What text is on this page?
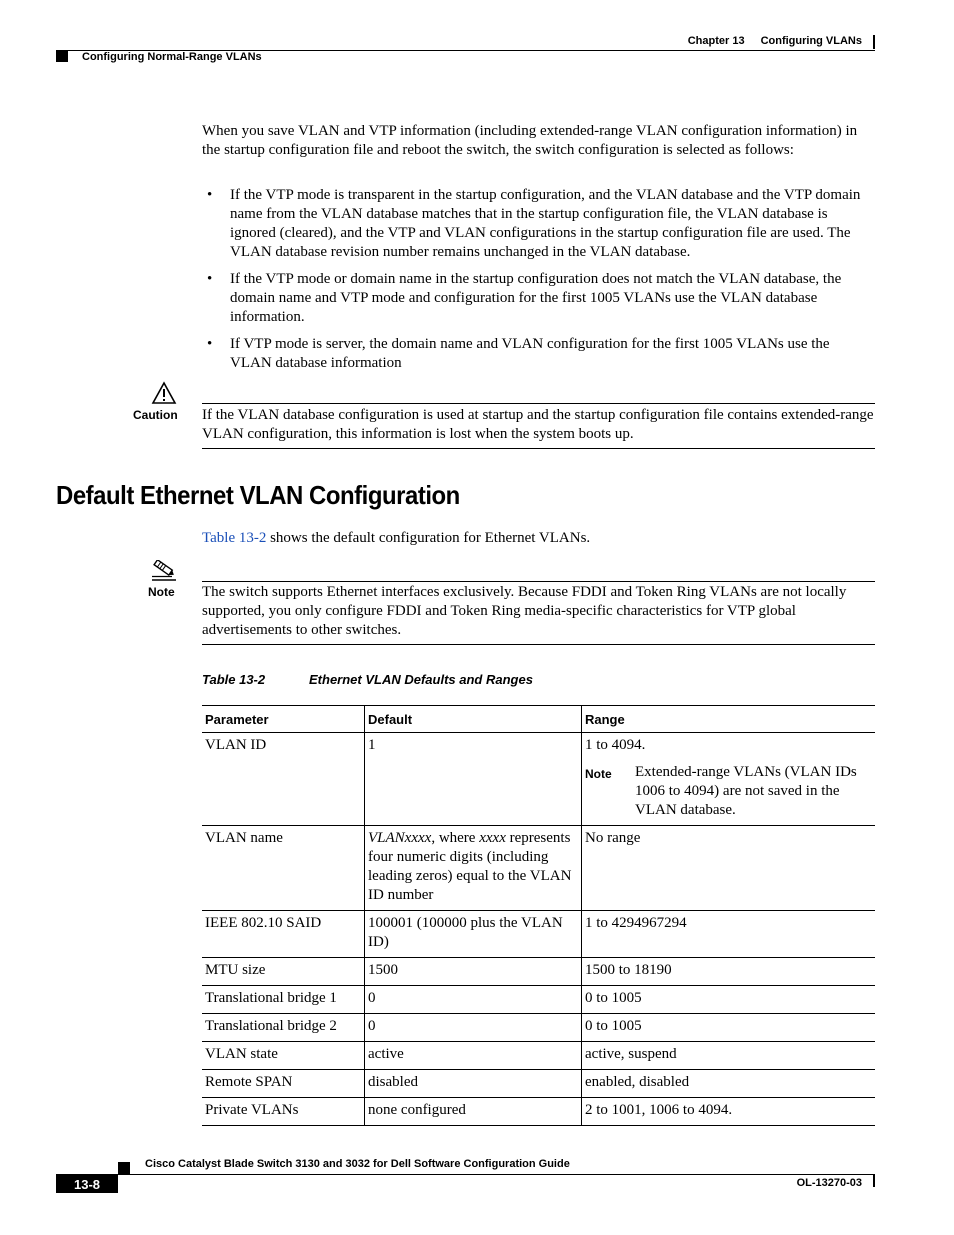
Chapter 13 Configuring VLANs
Configuring Normal-Range VLANs
When you save VLAN and VTP information (including extended-range VLAN configuration information) in the startup configuration file and reboot the switch, the switch configuration is selected as follows:
• If the VTP mode is transparent in the startup configuration, and the VLAN database and the VTP domain name from the VLAN database matches that in the startup configuration file, the VLAN database is ignored (cleared), and the VTP and VLAN configurations in the startup configuration file are used. The VLAN database revision number remains unchanged in the VLAN database.
• If the VTP mode or domain name in the startup configuration does not match the VLAN database, the domain name and VTP mode and configuration for the first 1005 VLANs use the VLAN database information.
• If VTP mode is server, the domain name and VLAN configuration for the first 1005 VLANs use the VLAN database information
Caution If the VLAN database configuration is used at startup and the startup configuration file contains extended-range VLAN configuration, this information is lost when the system boots up.
Default Ethernet VLAN Configuration
Table 13-2 shows the default configuration for Ethernet VLANs.
Note The switch supports Ethernet interfaces exclusively. Because FDDI and Token Ring VLANs are not locally supported, you only configure FDDI and Token Ring media-specific characteristics for VTP global advertisements to other switches.
Table 13-2	Ethernet VLAN Defaults and Ranges
Parameter	Default	Range
VLAN ID	1	1 to 4094.
Note Extended-range VLANs (VLAN IDs 1006 to 4094) are not saved in the VLAN database.

VLAN name	VLANxxxx, where xxxx represents four numeric digits (including leading zeros) equal to the VLAN ID number	No range
IEEE 802.10 SAID	100001 (100000 plus the VLAN ID)	1 to 4294967294
MTU size	1500	1500 to 18190
Translational bridge 1	0	0 to 1005
Translational bridge 2	0	0 to 1005
VLAN state	active	active, suspend
Remote SPAN	disabled	enabled, disabled
Private VLANs	none configured	2 to 1001, 1006 to 4094.
Cisco Catalyst Blade Switch 3130 and 3032 for Dell Software Configuration Guide
13-8	OL-13270-03
